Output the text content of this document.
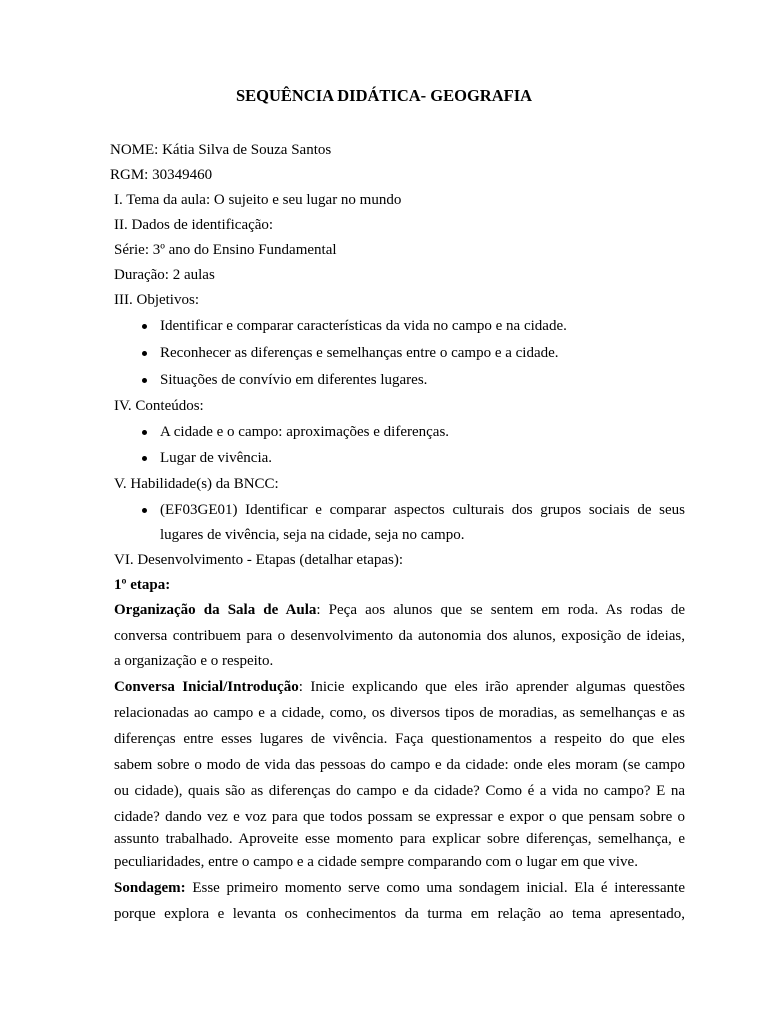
SEQUÊNCIA DIDÁTICA- GEOGRAFIA
NOME: Kátia Silva de Souza Santos
RGM: 30349460
I. Tema da aula: O sujeito e seu lugar no mundo
II. Dados de identificação:
Série: 3º ano do Ensino Fundamental
Duração: 2 aulas
III. Objetivos:
Identificar e comparar características da vida no campo e na cidade.
Reconhecer as diferenças e semelhanças entre o campo e a cidade.
Situações de convívio em diferentes lugares.
IV. Conteúdos:
A cidade e o campo: aproximações e diferenças.
Lugar de vivência.
V. Habilidade(s) da BNCC:
(EF03GE01) Identificar e comparar aspectos culturais dos grupos sociais de seus
lugares de vivência, seja na cidade, seja no campo.
VI. Desenvolvimento - Etapas (detalhar etapas):
1º etapa:
Organização da Sala de Aula: Peça aos alunos que se sentem em roda. As rodas de
conversa contribuem para o desenvolvimento da autonomia dos alunos, exposição de ideias,
a organização e o respeito.
Conversa Inicial/Introdução: Inicie explicando que eles irão aprender algumas questões
relacionadas ao campo e a cidade, como, os diversos tipos de moradias, as semelhanças e as
diferenças entre esses lugares de vivência. Faça questionamentos a respeito do que eles
sabem sobre o modo de vida das pessoas do campo e da cidade: onde eles moram (se campo
ou cidade), quais são as diferenças do campo e da cidade? Como é a vida no campo? E na
cidade? dando vez e voz para que todos possam se expressar e expor o que pensam sobre o
assunto trabalhado. Aproveite esse momento para explicar sobre diferenças, semelhança, e
peculiaridades, entre o campo e a cidade sempre comparando com o lugar em que vive.
Sondagem: Esse primeiro momento serve como uma sondagem inicial. Ela é interessante
porque explora e levanta os conhecimentos da turma em relação ao tema apresentado,
